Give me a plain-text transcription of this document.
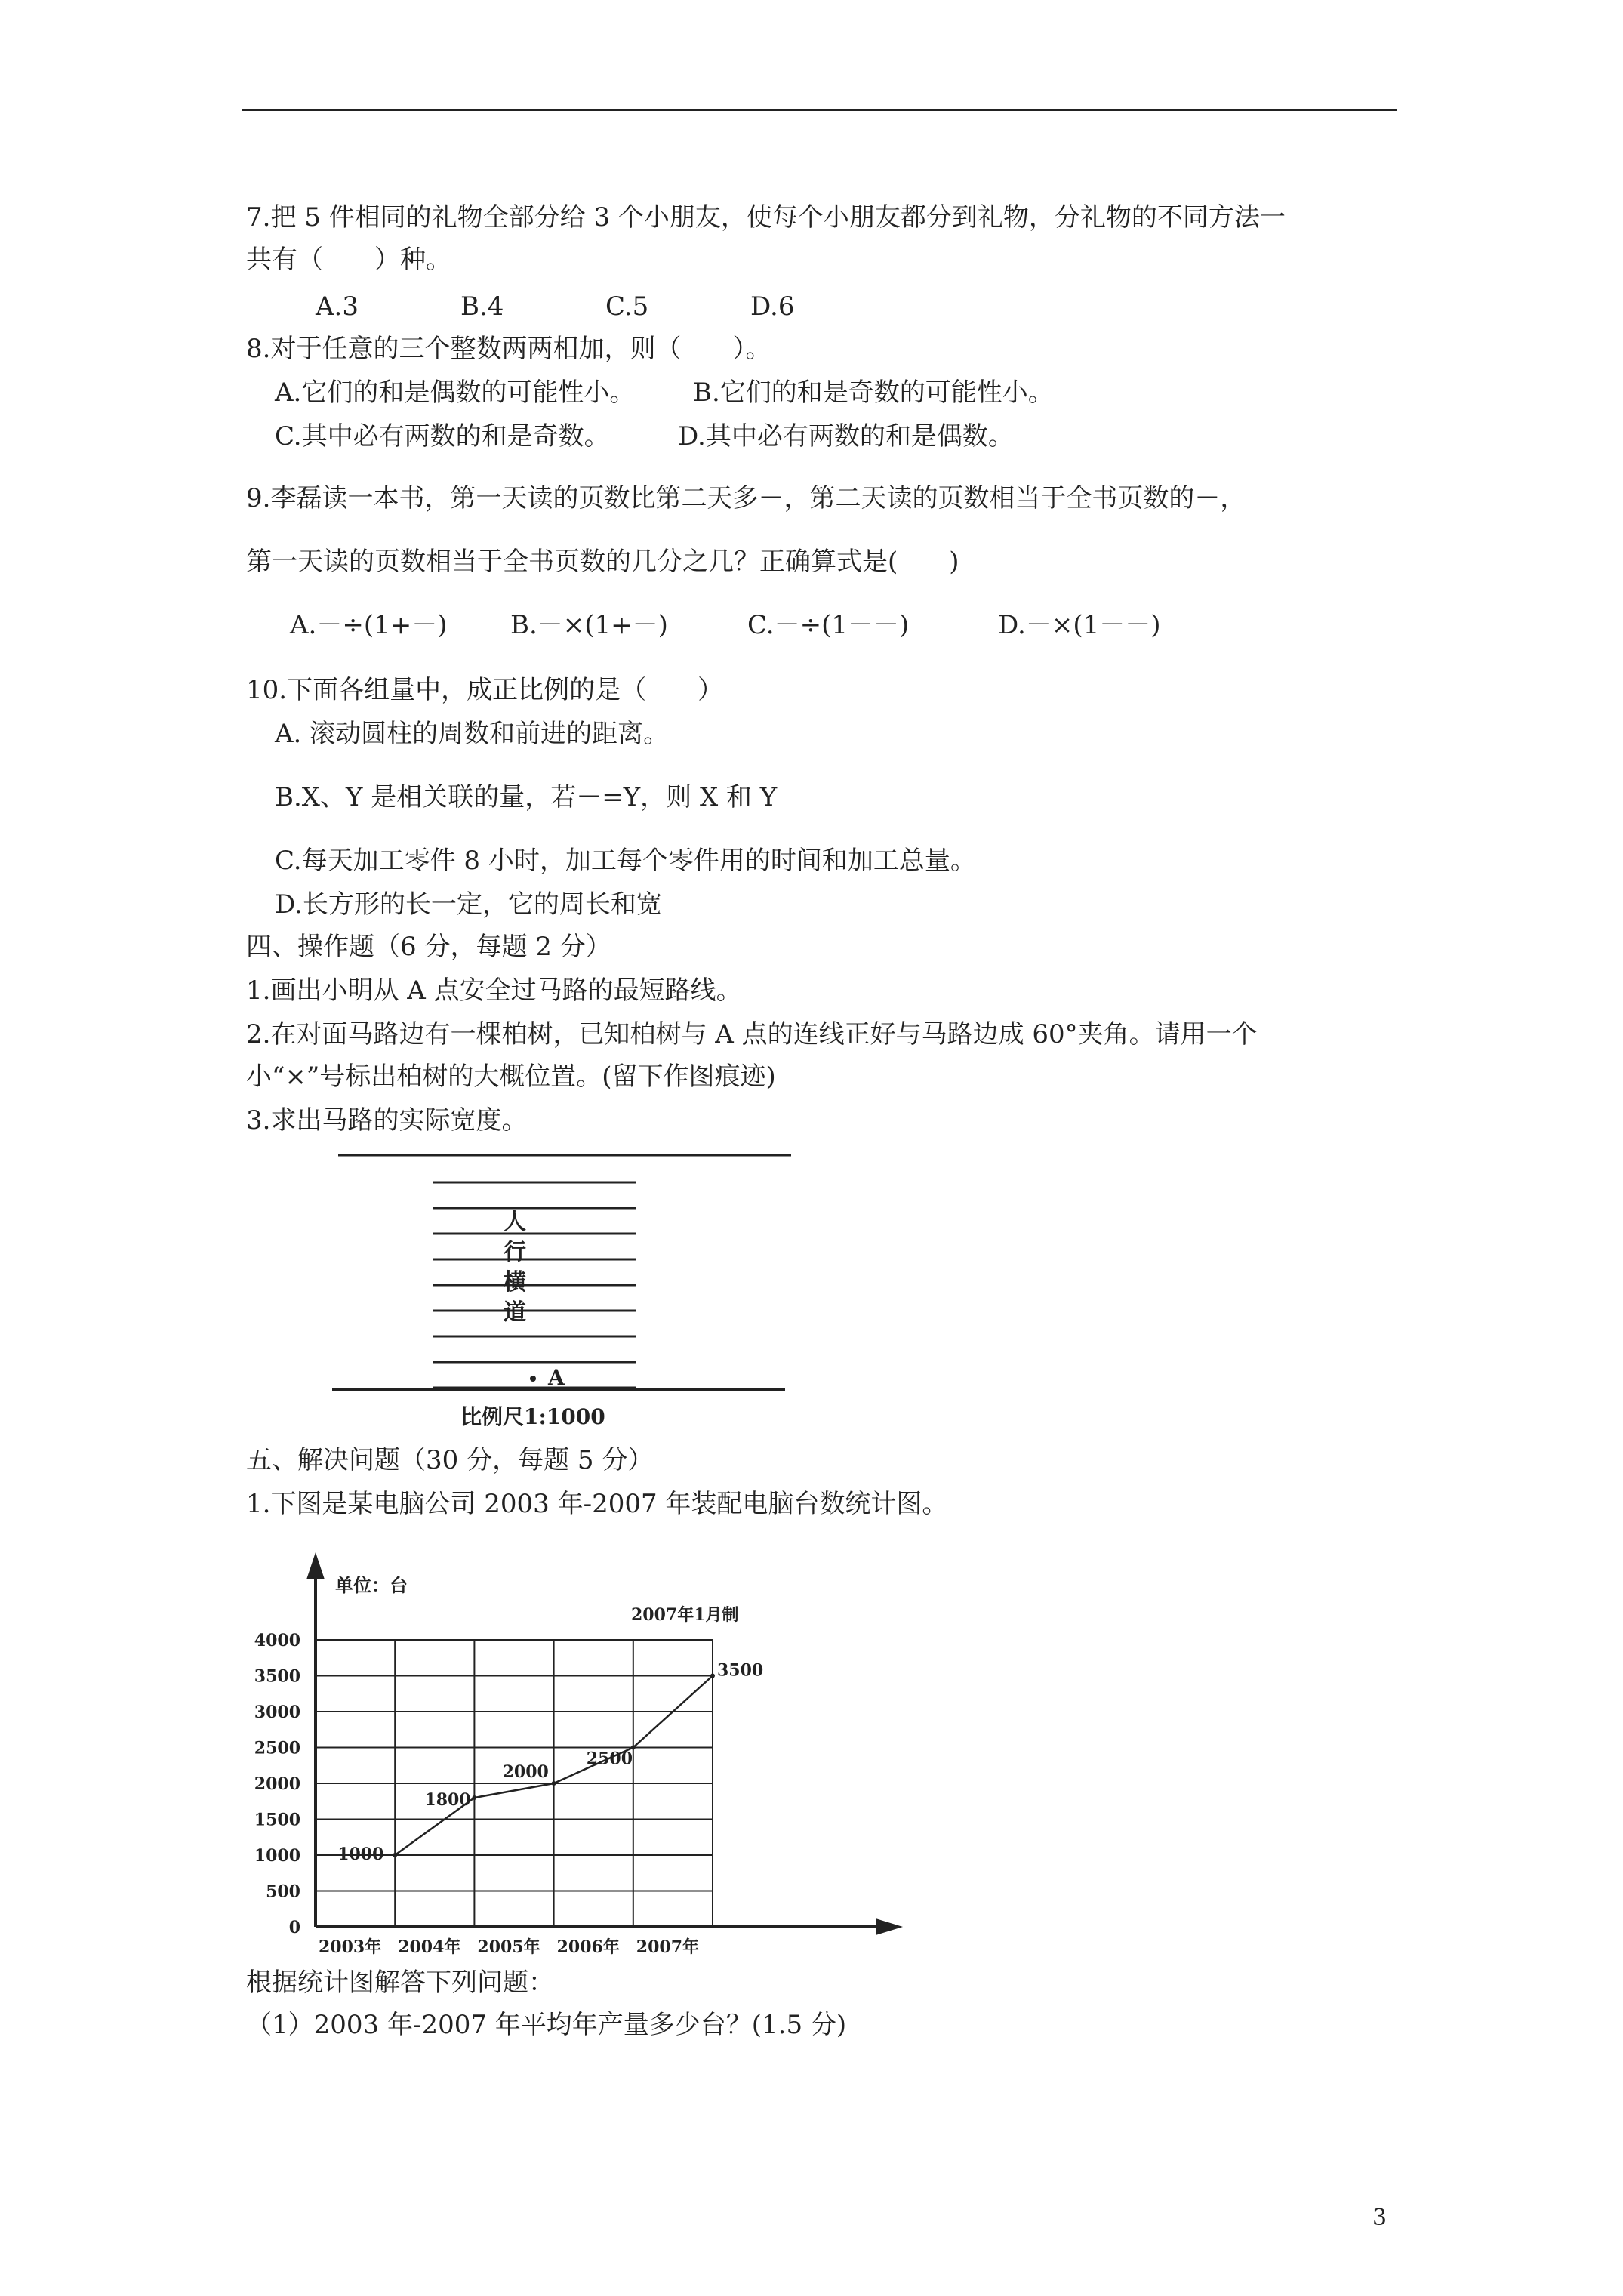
7.把 5 件相同的礼物全部分给 3 个小朋友，使每个小朋友都分到礼物，分礼物的不同方法一
共有（　　）种。
A.3	B.4	C.5	D.6
8.对于任意的三个整数两两相加，则（　　）。
A.它们的和是偶数的可能性小。 B.它们的和是奇数的可能性小。
C.其中必有两数的和是奇数。	D.其中必有两数的和是偶数。
9.李磊读一本书，第一天读的页数比第二天多－，第二天读的页数相当于全书页数的－，
第一天读的页数相当于全书页数的几分之几？正确算式是(　　)
A.－÷(1+－) B.－×(1+－)	C.－÷(1－－)	D.－×(1－－)
10.下面各组量中，成正比例的是（　　）
A. 滚动圆柱的周数和前进的距离。
B.X、Y 是相关联的量，若－=Y，则 X 和 Y
C.每天加工零件 8 小时，加工每个零件用的时间和加工总量。
D.长方形的长一定，它的周长和宽
四、操作题（6 分，每题 2 分）
1.画出小明从 A 点安全过马路的最短路线。
2.在对面马路边有一棵柏树，已知柏树与 A 点的连线正好与马路边成 60°夹角。请用一个
小“×”号标出柏树的大概位置。(留下作图痕迹)
3.求出马路的实际宽度。
人
行
横
道
A
比例尺1:1000
五、解决问题（30 分，每题 5 分）
1.下图是某电脑公司 2003 年-2007 年装配电脑台数统计图。
0
500
1000
1500
2000
2500
3000
3500
4000
2003年 2004年 2005年 2006年 2007年
1000
1800
2000
2500
3500
单位：台
2007年1月制
根据统计图解答下列问题：
（1）2003 年-2007 年平均年产量多少台？(1.5 分)
3
